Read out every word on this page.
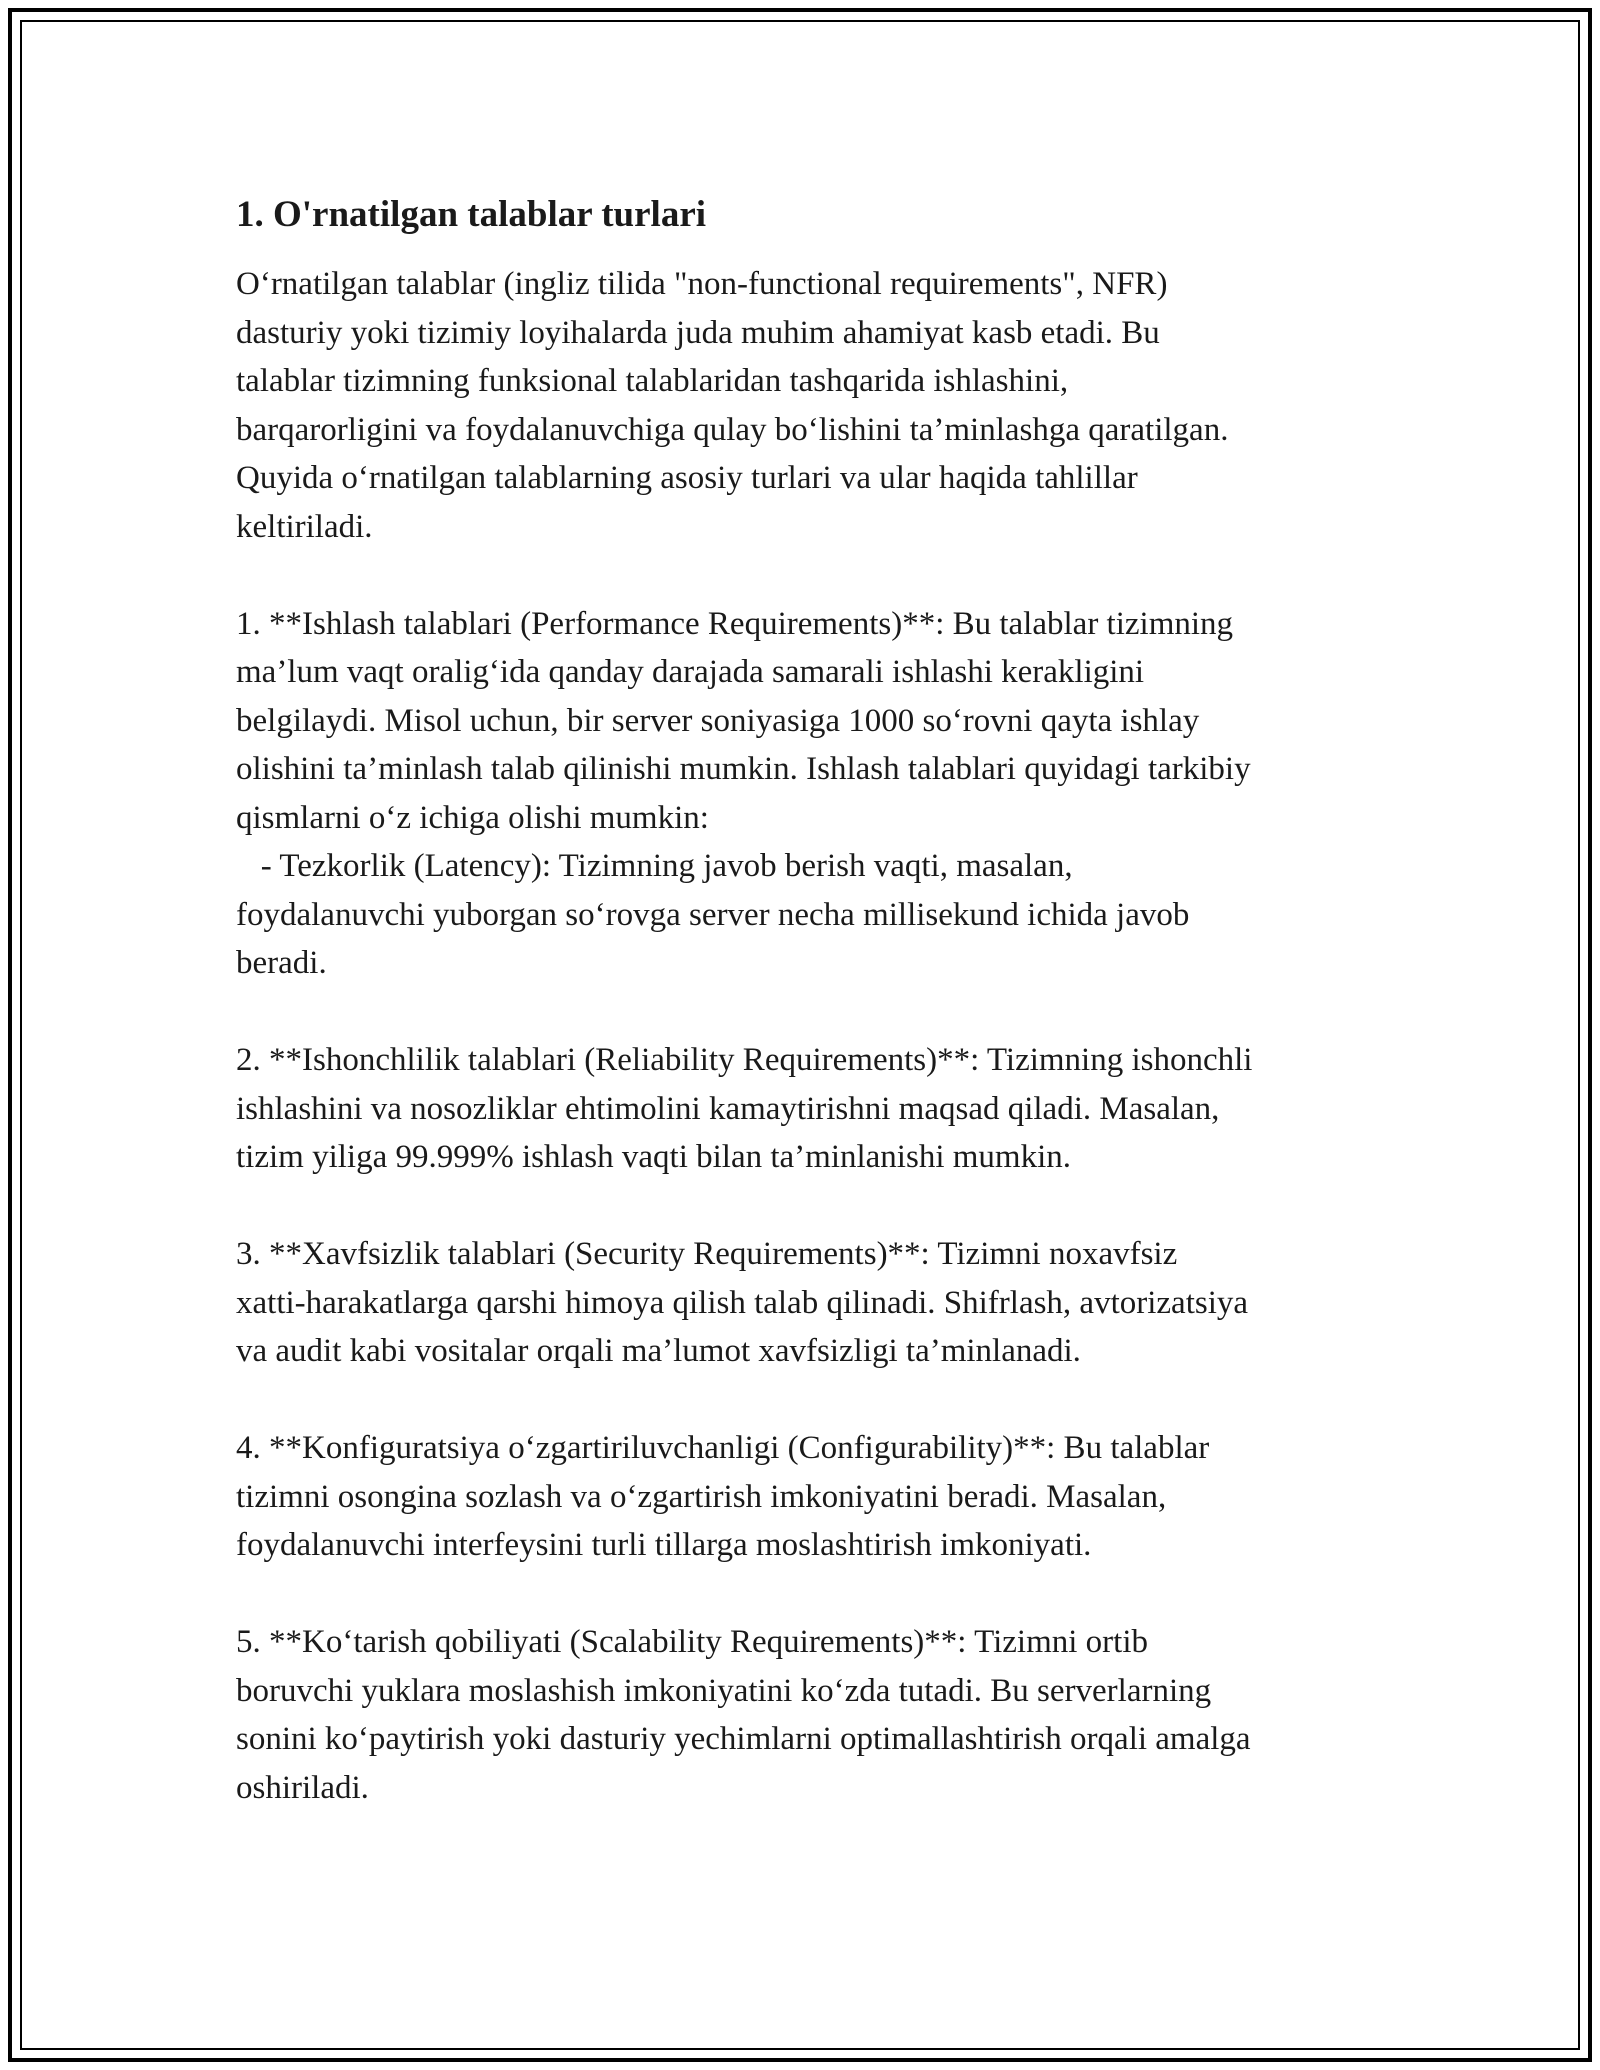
1. O'rnatilgan talablar turlari
O‘rnatilgan talablar (ingliz tilida "non-functional requirements", NFR)
dasturiy yoki tizimiy loyihalarda juda muhim ahamiyat kasb etadi. Bu
talablar tizimning funksional talablaridan tashqarida ishlashini,
barqarorligini va foydalanuvchiga qulay bo‘lishini ta’minlashga qaratilgan.
Quyida o‘rnatilgan talablarning asosiy turlari va ular haqida tahlillar
keltiriladi.
1. **Ishlash talablari (Performance Requirements)**: Bu talablar tizimning
ma’lum vaqt oralig‘ida qanday darajada samarali ishlashi kerakligini
belgilaydi. Misol uchun, bir server soniyasiga 1000 so‘rovni qayta ishlay
olishini ta’minlash talab qilinishi mumkin. Ishlash talablari quyidagi tarkibiy
qismlarni o‘z ichiga olishi mumkin:
- Tezkorlik (Latency): Tizimning javob berish vaqti, masalan,
foydalanuvchi yuborgan so‘rovga server necha millisekund ichida javob
beradi.
2. **Ishonchlilik talablari (Reliability Requirements)**: Tizimning ishonchli
ishlashini va nosozliklar ehtimolini kamaytirishni maqsad qiladi. Masalan,
tizim yiliga 99.999% ishlash vaqti bilan ta’minlanishi mumkin.
3. **Xavfsizlik talablari (Security Requirements)**: Tizimni noxavfsiz
xatti-harakatlarga qarshi himoya qilish talab qilinadi. Shifrlash, avtorizatsiya
va audit kabi vositalar orqali ma’lumot xavfsizligi ta’minlanadi.
4. **Konfiguratsiya o‘zgartiriluvchanligi (Configurability)**: Bu talablar
tizimni osongina sozlash va o‘zgartirish imkoniyatini beradi. Masalan,
foydalanuvchi interfeysini turli tillarga moslashtirish imkoniyati.
5. **Ko‘tarish qobiliyati (Scalability Requirements)**: Tizimni ortib
boruvchi yuklara moslashish imkoniyatini ko‘zda tutadi. Bu serverlarning
sonini ko‘paytirish yoki dasturiy yechimlarni optimallashtirish orqali amalga
oshiriladi.
